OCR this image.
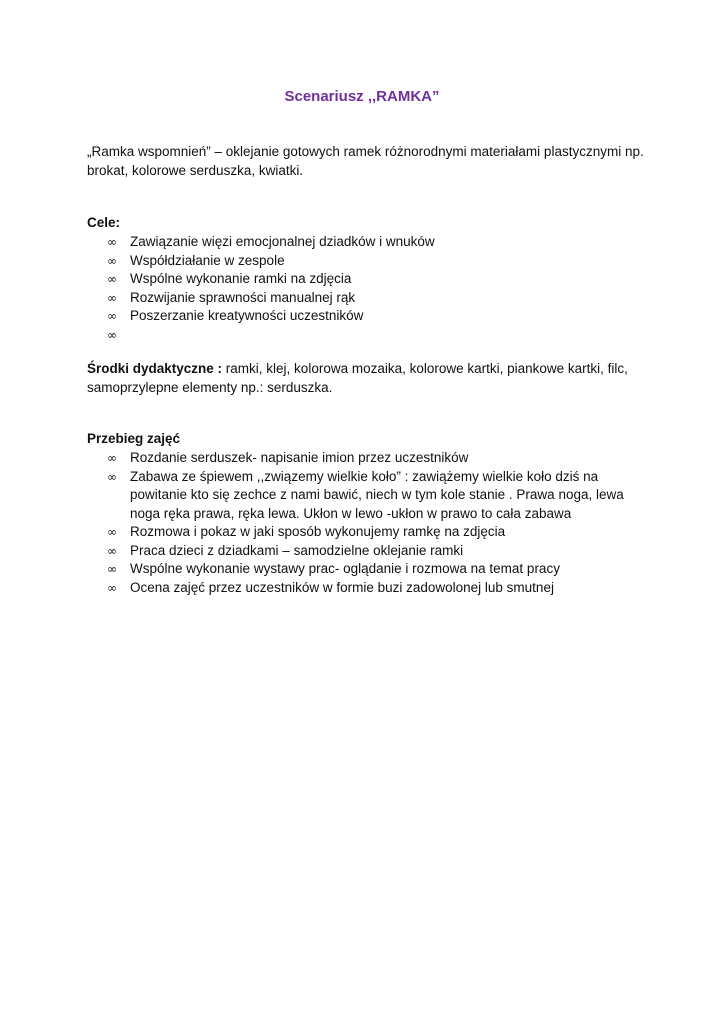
Scenariusz ,,RAMKA”
„Ramka wspomnień” – oklejanie gotowych ramek różnorodnymi materiałami plastycznymi np. brokat, kolorowe serduszka, kwiatki.
Cele:
∞ Zawiązanie więzi emocjonalnej dziadków i wnuków
∞ Współdziałanie w zespole
∞ Wspólne wykonanie ramki na zdjęcia
∞ Rozwijanie sprawności manualnej rąk
∞ Poszerzanie kreatywności uczestników
∞
Środki dydaktyczne : ramki, klej, kolorowa mozaika, kolorowe kartki, piankowe kartki, filc, samoprzylepne elementy np.: serduszka.
Przebieg zajęć
∞ Rozdanie serduszek- napisanie imion przez uczestników
∞ Zabawa ze śpiewem ,,związemy wielkie koło” : zawiążemy wielkie koło dziś na powitanie kto się zechce z nami bawić, niech w tym kole stanie . Prawa noga, lewa noga ręka prawa, ręka lewa. Ukłon w lewo -ukłon w prawo to cała zabawa
∞ Rozmowa i pokaz w jaki sposób wykonujemy ramkę na zdjęcia
∞ Praca dzieci z dziadkami – samodzielne oklejanie ramki
∞ Wspólne wykonanie wystawy prac- oglądanie i rozmowa na temat pracy
∞ Ocena zajęć przez uczestników w formie buzi zadowolonej lub smutnej
